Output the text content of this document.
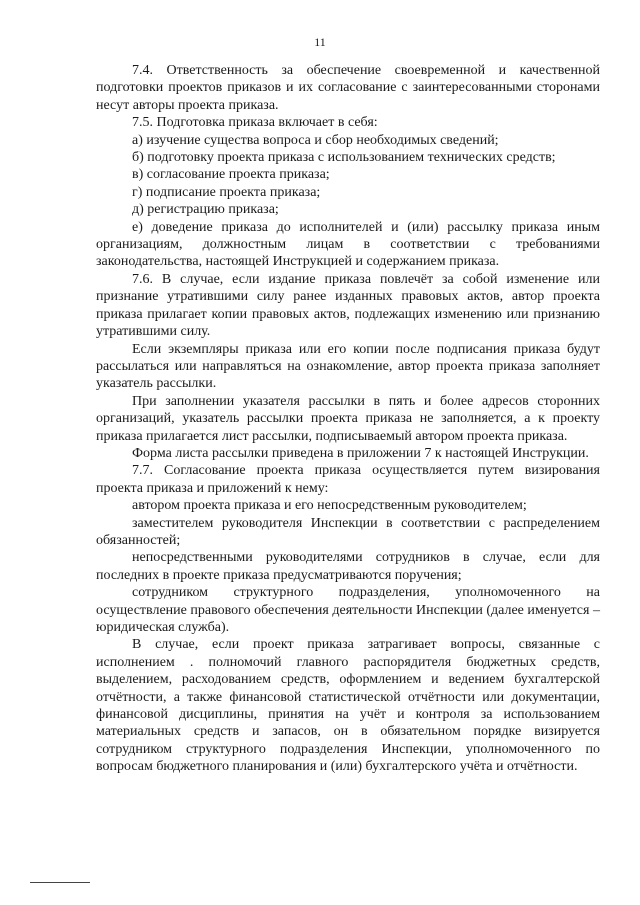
11

7.4. Ответственность за обеспечение своевременной и качественной подготовки проектов приказов и их согласование с заинтересованными сторонами несут авторы проекта приказа.

7.5. Подготовка приказа включает в себя:

а) изучение существа вопроса и сбор необходимых сведений;

б) подготовку проекта приказа с использованием технических средств;

в) согласование проекта приказа;

г) подписание проекта приказа;

д) регистрацию приказа;

е) доведение приказа до исполнителей и (или) рассылку приказа иным организациям, должностным лицам в соответствии с требованиями законодательства, настоящей Инструкцией и содержанием приказа.

7.6. В случае, если издание приказа повлечёт за собой изменение или признание утратившими силу ранее изданных правовых актов, автор проекта приказа прилагает копии правовых актов, подлежащих изменению или признанию утратившими силу.

Если экземпляры приказа или его копии после подписания приказа будут рассылаться или направляться на ознакомление, автор проекта приказа заполняет указатель рассылки.

При заполнении указателя рассылки в пять и более адресов сторонних организаций, указатель рассылки проекта приказа не заполняется, а к проекту приказа прилагается лист рассылки, подписываемый автором проекта приказа.

Форма листа рассылки приведена в приложении 7 к настоящей Инструкции.

7.7. Согласование проекта приказа осуществляется путем визирования проекта приказа и приложений к нему:

автором проекта приказа и его непосредственным руководителем;

заместителем руководителя Инспекции в соответствии с распределением обязанностей;

непосредственными руководителями сотрудников в случае, если для последних в проекте приказа предусматриваются поручения;

сотрудником структурного подразделения, уполномоченного на осуществление правового обеспечения деятельности Инспекции (далее именуется – юридическая служба).

В случае, если проект приказа затрагивает вопросы, связанные с исполнением . полномочий главного распорядителя бюджетных средств, выделением, расходованием средств, оформлением и ведением бухгалтерской отчётности, а также финансовой статистической отчётности или документации, финансовой дисциплины, принятия на учёт и контроля за использованием материальных средств и запасов, он в обязательном порядке визируется сотрудником структурного подразделения Инспекции, уполномоченного по вопросам бюджетного планирования и (или) бухгалтерского учёта и отчётности.
